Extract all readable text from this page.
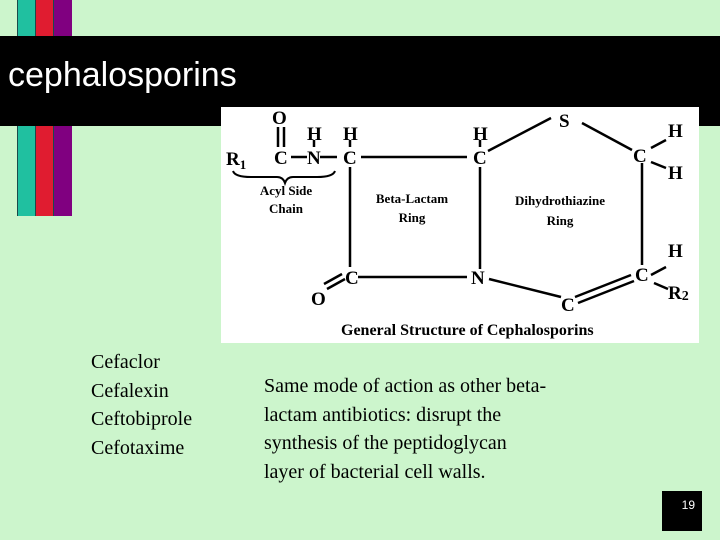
cephalosporins
O
H H	H
S	H
H
H
$R_1$ C N C	C	C
C
O
N	C
C
R2
Acyl Side
Chain
Beta-Lactam
Ring
Dihydrothiazine
Ring
General Structure of Cephalosporins
Cefaclor
Cefalexin
Ceftobiprole
Cefotaxime
Same mode of action as other beta-
lactam antibiotics: disrupt the
synthesis of the peptidoglycan
layer of bacterial cell walls.
19
